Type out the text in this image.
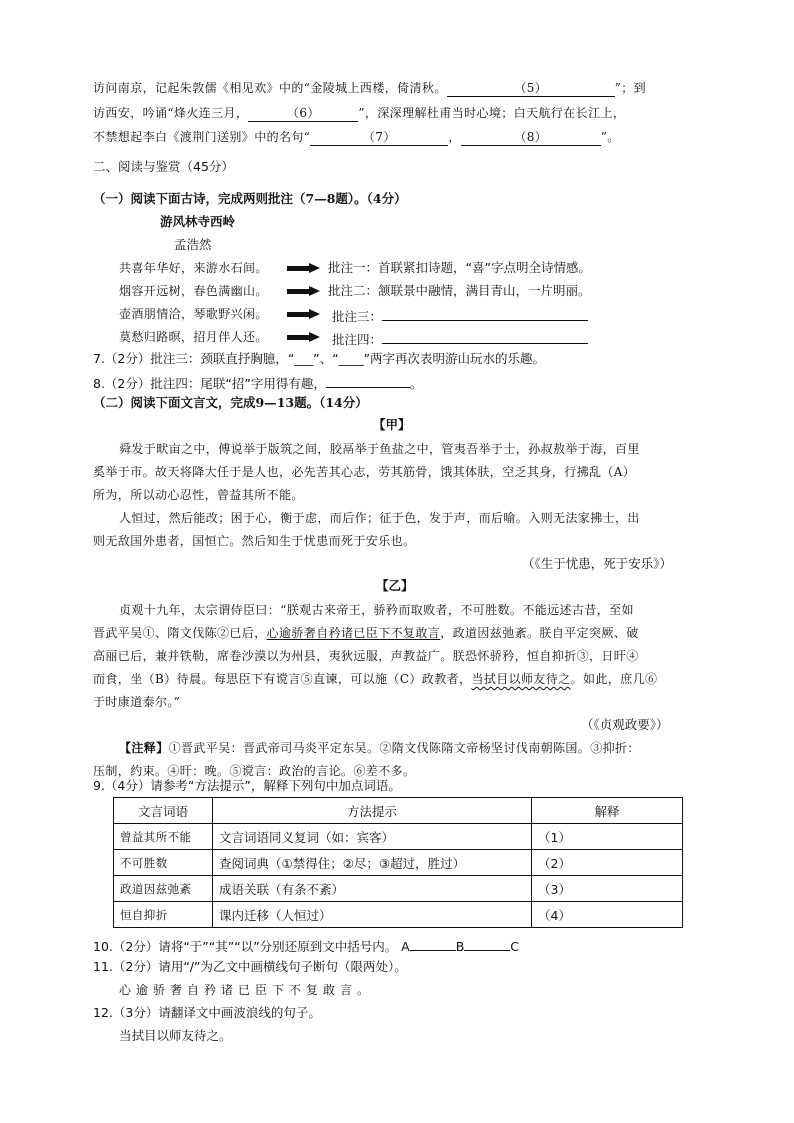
访问南京，记起朱敦儒《相见欢》中的“金陵城上西楼，倚清秋。	（5）	”；到
访西安，吟诵“烽火连三月，	（6）	”，深深理解杜甫当时心境；白天航行在长江上，
不禁想起李白《渡荆门送别》中的名句“	（7）	，	（8）	”。
二、阅读与鉴赏（45分）
（一）阅读下面古诗，完成两则批注（7—8题）。（4分）
游风林寺西岭
孟浩然
共喜年华好，来游水石间。	批注一：首联紧扣诗题，“喜”字点明全诗情感。
烟容开远树，春色满幽山。	批注二：颔联景中融情，满目青山，一片明丽。
壶酒朋情洽，琴歌野兴闲。	批注三：
莫愁归路暝，招月伴人还。	批注四：
7.（2分）批注三：颈联直抒胸臆，“___”、“____”两字再次表明游山玩水的乐趣。
8.（2分）批注四：尾联“招”字用得有趣，	。
（二）阅读下面文言文，完成9—13题。（14分）
【甲】
舜发于畎亩之中，傅说举于版筑之间，胶鬲举于鱼盐之中，管夷吾举于士，孙叔敖举于海，百里
奚举于市。故天将降大任于是人也，必先苦其心志，劳其筋骨，饿其体肤，空乏其身，行拂乱（A）
所为，所以动心忍性，曾益其所不能。
人恒过，然后能改；困于心，衡于虑，而后作；征于色，发于声，而后喻。入则无法家拂士，出
则无敌国外患者，国恒亡。然后知生于忧患而死于安乐也。
（《生于忧患，死于安乐》）
【乙】
贞观十九年，太宗谓侍臣曰：“朕观古来帝王，骄矜而取败者，不可胜数。不能远述古昔，至如
晋武平吴①、隋文伐陈②已后，心逾骄奢自矜诸已臣下不复敢言，政道因兹弛紊。朕自平定突厥、破
高丽已后，兼并铁勒，席卷沙漠以为州县，夷狄远服，声教益广。朕恐怀骄矜，恒自抑折③，日旰④
而食，坐（B）待晨。每思臣下有谠言⑤直谏，可以施（C）政教者，当拭目以师友待之。如此，庶几⑥
于时康道泰尔。”
（《贞观政要》）
【注释】①晋武平吴：晋武帝司马炎平定东吴。②隋文伐陈隋文帝杨坚讨伐南朝陈国。③抑折：
压制，约束。④旰：晚。⑤谠言：政治的言论。⑥差不多。
9.（4分）请参考“方法提示”，解释下列句中加点词语。
文言词语	方法提示	解释
曾益其所不能	文言词语同义复词（如：宾客）	（1）
不可胜数	查阅词典（①禁得住；②尽；③超过，胜过）	（2）
政道因兹弛紊	成语关联（有条不紊）	（3）
恒自抑折	课内迁移（人恒过）	（4）
10.（2分）请将“于”“其”“以”分别还原到文中括号内。 A	B	C
11.（2分）请用“/”为乙文中画横线句子断句（限两处）。
心逾骄奢自矜诸已臣下不复敢言。
12.（3分）请翻译文中画波浪线的句子。
当拭目以师友待之。
